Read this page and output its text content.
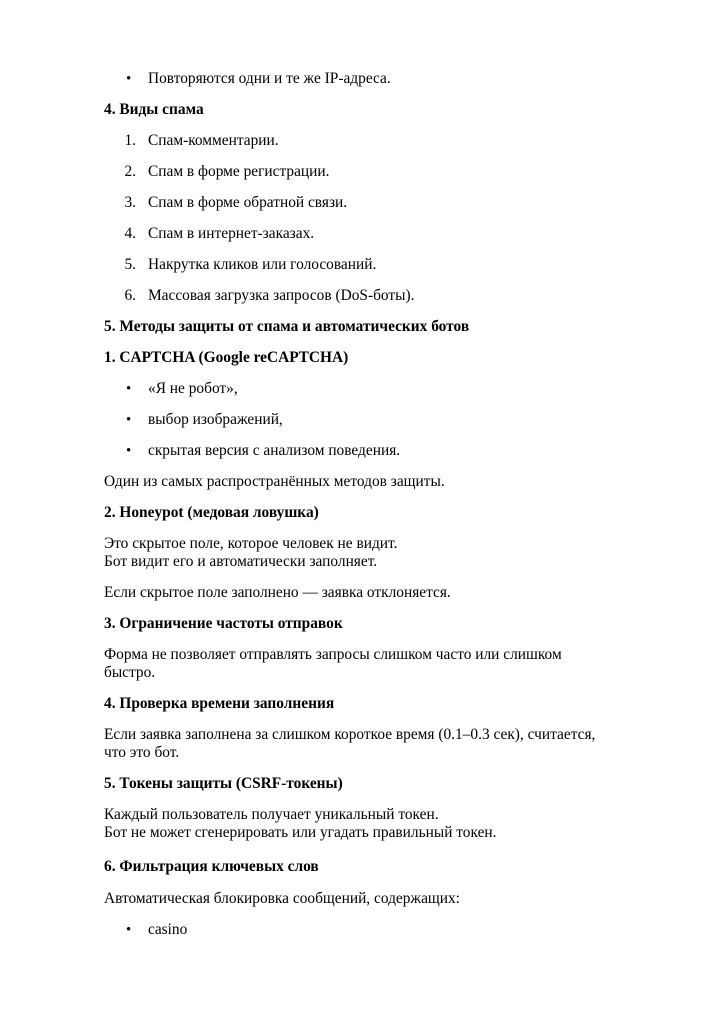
• Повторяются одни и те же IP-адреса.
4. Виды спама
1. Спам-комментарии.
2. Спам в форме регистрации.
3. Спам в форме обратной связи.
4. Спам в интернет-заказах.
5. Накрутка кликов или голосований.
6. Массовая загрузка запросов (DoS-боты).
5. Методы защиты от спама и автоматических ботов
1. CAPTCHA (Google reCAPTCHA)
• «Я не робот»,
• выбор изображений,
• скрытая версия с анализом поведения.
Один из самых распространённых методов защиты.
2. Honeypot (медовая ловушка)
Это скрытое поле, которое человек не видит.
Бот видит его и автоматически заполняет.
Если скрытое поле заполнено — заявка отклоняется.
3. Ограничение частоты отправок
Форма не позволяет отправлять запросы слишком часто или слишком
быстро.
4. Проверка времени заполнения
Если заявка заполнена за слишком короткое время (0.1–0.3 сек), считается,
что это бот.
5. Токены защиты (CSRF-токены)
Каждый пользователь получает уникальный токен.
Бот не может сгенерировать или угадать правильный токен.
6. Фильтрация ключевых слов
Автоматическая блокировка сообщений, содержащих:
• casino
